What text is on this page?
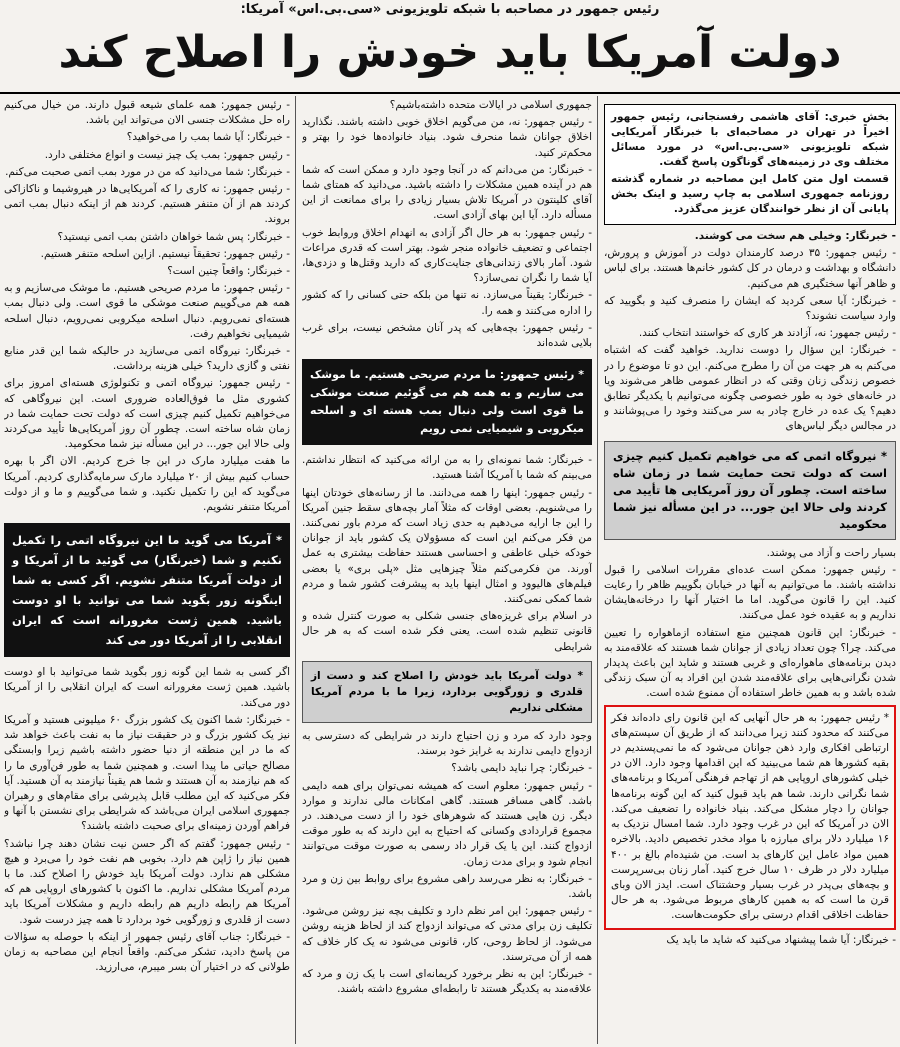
رئیس جمهور در مصاحبه با شبکه تلویزیونی «سی.بی.اس» آمریکا:
دولت آمریکا باید خودش را اصلاح کند

بخش خبری: آقای هاشمی رفسنجانی، رئیس جمهور اخیراً در تهران در مصاحبه‌ای با خبرنگار آمریکایی شبکه تلویزیونی «سی.بی.اس» در مورد مسائل مختلف وی در زمینه‌های گوناگون پاسخ گفت.

قسمت اول متن کامل این مصاحبه در شماره گذشته روزنامه جمهوری اسلامی به چاپ رسید و اینک بخش پایانی آن از نظر خوانندگان عزیز می‌گذرد.

- خبرنگار: وخیلی هم سخت می کوشند.

- رئیس جمهور: ۳۵ درصد کارمندان دولت در آموزش و پرورش، دانشگاه و بهداشت و درمان در کل کشور خانم‌ها هستند. برای لباس و ظاهر آنها سختگیری هم می‌کنیم.

- خبرنگار: آیا سعی کردید که ایشان را منصرف کنید و بگویید که وارد سیاست نشوند؟

- رئیس جمهور: نه، آزادند هر کاری که خواستند انتخاب کنند.

- خبرنگار: این سؤال را دوست ندارید. خواهید گفت که اشتباه می‌کنم به هر جهت من آن را مطرح می‌کنم. این دو تا موضوع را در خصوص زندگی زنان وقتی که در انظار عمومی ظاهر می‌شوند ویا در خانه‌های خود به طور خصوصی چگونه می‌توانیم با یکدیگر تطابق دهیم؟ یک عده در خارج چادر به سر می‌کنند وخود را می‌پوشانند و در مجالس دیگر لباس‌های

* نیروگاه اتمی که می خواهیم تکمیل کنیم چیزی است که دولت تحت حمایت شما در زمان شاه ساخته است. چطور آن روز آمریکایی ها تأیید می کردند ولی حالا این جور... در این مسأله نیز شما محکومید

بسیار راحت و آزاد می پوشند.

- رئیس جمهور: ممکن است عده‌ای مقررات اسلامی را قبول نداشته باشند. ما می‌توانیم به آنها در خیابان بگوییم ظاهر را رعایت کنید. این را قانون می‌گوید. اما ما اختیار آنها را درخانه‌هایشان نداریم و به عقیده خود عمل می‌کنند.

- خبرنگار: این قانون همچنین منع استفاده ازماهواره را تعیین می‌کند. چرا؟ چون تعداد زیادی از جوانان شما هستند که علاقه‌مند به دیدن برنامه‌های ماهواره‌ای و غربی هستند و شاید این باعث پدیدار شدن نگرانی‌هایی برای علاقه‌مند شدن این افراد به آن سبک زندگی شده باشد و به همین خاطر استفاده آن ممنوع شده است.

* رئیس جمهور: به هر حال آنهایی که این قانون رای داده‌اند فکر می‌کنند که محدود کنند زیرا می‌دانند که از طریق آن سیستم‌های ارتباطی افکاری وارد ذهن جوانان می‌شود که ما نمی‌پسندیم در بقیه کشورها هم شما می‌بینید که این اقدامها وجود دارد. الان در خیلی کشورهای اروپایی هم از تهاجم فرهنگی آمریکا و برنامه‌های شما نگرانی دارند. شما هم باید قبول کنید که این گونه برنامه‌ها جوانان را دچار مشکل می‌کند. بنیاد خانواده را تضعیف می‌کند. الان در آمریکا که این در غرب وجود دارد. شما امسال نزدیک به ۱۶ میلیارد دلار برای مبارزه با مواد مخدر تخصیص دادید. بالاخره همین مواد عامل این کارهای بد است. من شنیده‌ام بالغ بر ۴۰۰ میلیارد دلار در ظرف ۱۰ سال خرج کنید. آمار زنان بی‌سرپرست و بچه‌های بی‌پدر در غرب بسیار وحشتناک است. ایدز الان وبای قرن ما است که به همین کارهای مربوط می‌شود. به هر حال حفاظت اخلاقی اقدام درستی برای حکومت‌هاست.

- خبرنگار: آیا شما پیشنهاد می‌کنید که شاید ما باید یک

جمهوری اسلامی در ایالات متحده داشته‌باشیم؟

- رئیس جمهور: نه، من می‌گویم اخلاق خوبی داشته باشند. نگذارید اخلاق جوانان شما منحرف شود. بنیاد خانواده‌ها خود را بهتر و محکم‌تر کنید.

- خبرنگار: من می‌دانم که در آنجا وجود دارد و ممکن است که شما هم در آینده همین مشکلات را داشته باشید. می‌دانید که همتای شما آقای کلینتون در آمریکا تلاش بسیار زیادی را برای ممانعت از این مسأله دارد. آیا این بهای آزادی است.

- رئیس جمهور: به هر حال اگر آزادی به انهدام اخلاق وروابط خوب اجتماعی و تضعیف خانواده منجر شود. بهتر است که قدری مراعات شود. آمار بالای زندانی‌های جنایت‌کاری که دارید وقتل‌ها و دزدی‌ها، آیا شما را نگران نمی‌سازد؟

- خبرنگار: یقیناً می‌سازد. نه تنها من بلکه حتی کسانی را که کشور را اداره می‌کنند و همه را.

- رئیس جمهور: بچه‌هایی که پدر آنان مشخص نیست، برای غرب بلایی شده‌اند

* رئیس جمهور: ما مردم صریحی هستیم. ما موشک می سازیم و به همه هم می گوئیم صنعت موشکی ما قوی است ولی دنبال بمب هسته ای و اسلحه میکروبی و شیمیایی نمی رویم

- خبرنگار: شما نمونه‌ای را به من ارائه می‌کنید که انتظار نداشتم. می‌بینم که شما با آمریکا آشنا هستید.

- رئیس جمهور: اینها را همه می‌دانند. ما از رسانه‌های خودتان اینها را می‌شنویم. بعضی اوقات که مثلاً آمار بچه‌های سقط جنین آمریکا را این جا ارایه می‌دهیم به حدی زیاد است که مردم باور نمی‌کنند. من فکر می‌کنم این است که مسؤولان یک کشور باید از جوانان خودکه خیلی عاطفی و احساسی هستند حفاظت بیشتری به عمل آورند. من فکرمی‌کنم مثلاً چیزهایی مثل «پلی بری» یا بعضی فیلم‌های هالیوود و امثال اینها باید به پیشرفت کشور شما و مردم شما کمکی نمی‌کنند.

در اسلام برای غریزه‌های جنسی شکلی به صورت کنترل شده و قانونی تنظیم شده است. یعنی فکر شده است که به هر حال شرایطی

* دولت آمریکا باید خودش را اصلاح کند و دست از قلدری و زورگویی بردارد، زیرا ما با مردم آمریکا مشکلی نداریم

وجود دارد که مرد و زن احتیاج دارند در شرایطی که دسترسی به ازدواج دایمی ندارند به غرایز خود برسند.

- خبرنگار: چرا نباید دایمی باشد؟

- رئیس جمهور: معلوم است که همیشه نمی‌توان برای همه دایمی باشد. گاهی مسافر هستند. گاهی امکانات مالی ندارند و موارد دیگر. زن هایی هستند که شوهرهای خود را از دست می‌دهند. در مجموع قراردادی وکسانی که احتیاج به این دارند که به طور موقت ازدواج کنند. این یا یک قرار داد رسمی به صورت موقت می‌توانند انجام شود و برای مدت زمان.

- خبرنگار: به نظر می‌رسد راهی مشروع برای روابط بین زن و مرد باشد.

- رئیس جمهور: این امر نظم دارد و تکلیف بچه نیز روشن می‌شود. تکلیف زن برای مدتی که می‌تواند ازدواج کند از لحاظ هزینه روشن می‌شود. از لحاظ روحی، کار، قانونی می‌شود نه یک کار خلاف که همه از آن می‌ترسند.

- خبرنگار: این به نظر برخورد کریمانه‌ای است با یک زن و مرد که علاقه‌مند به یکدیگر هستند تا رابطه‌ای مشروع داشته باشند.

- رئیس جمهور: همه علمای شیعه قبول دارند. من خیال می‌کنیم راه حل مشکلات جنسی الان می‌تواند این باشد.

- خبرنگار: آیا شما بمب را می‌خواهید؟

- رئیس جمهور: بمب یک چیز نیست و انواع مختلفی دارد.

- خبرنگار: شما می‌دانید که من در مورد بمب اتمی صحبت می‌کنم.

- رئیس جمهور: نه کاری را که آمریکایی‌ها در هیروشیما و ناکازاکی کردند هم از آن متنفر هستیم. کردند هم از اینکه دنبال بمب اتمی بروند.

- خبرنگار: پس شما خواهان داشتن بمب اتمی نیستید؟

- رئیس جمهور: تحقیقاً نیستیم. ازاین اسلحه متنفر هستیم.

- خبرنگار: واقعاً چنین است؟

- رئیس جمهور: ما مردم صریحی هستیم. ما موشک می‌سازیم و به همه هم می‌گوییم صنعت موشکی ما قوی است. ولی دنبال بمب هسته‌ای نمی‌رویم. دنبال اسلحه میکروبی نمی‌رویم، دنبال اسلحه شیمیایی نخواهیم رفت.

- خبرنگار: نیروگاه اتمی می‌سازید در حالیکه شما این قدر منابع نفتی و گازی دارید؟ خیلی هزینه برداشت.

- رئیس جمهور: نیروگاه اتمی و تکنولوژی هسته‌ای امروز برای کشوری مثل ما فوق‌العاده ضروری است. این نیروگاهی که می‌خواهیم تکمیل کنیم چیزی است که دولت تحت حمایت شما در زمان شاه ساخته است. چطور آن روز آمریکایی‌ها تأیید می‌کردند ولی حالا این جور... در این مسأله نیز شما محکومید.

ما هفت میلیارد مارک در این جا خرج کردیم. الان اگر با بهره حساب کنیم بیش از ۲۰ میلیارد مارک سرمایه‌گذاری کردیم. آمریکا می‌گوید که این را تکمیل نکنید. و شما می‌گوییم و ما و از دولت آمریکا متنفر نشویم.

* آمریکا می گوید ما این نیروگاه اتمی را تکمیل نکنیم و شما (خبرنگار) می گوئید ما از آمریکا و از دولت آمریکا متنفر نشویم. اگر کسی به شما اینگونه زور بگوید شما می توانید با او دوست باشید. همین ژست مغرورانه است که ایران انقلابی را از آمریکا دور می کند

اگر کسی به شما این گونه زور بگوید شما می‌توانید با او دوست باشید. همین ژست مغرورانه است که ایران انقلابی را از آمریکا دور می‌کند.

- خبرنگار: شما اکنون یک کشور بزرگ ۶۰ میلیونی هستید و آمریکا نیز یک کشور بزرگ و در حقیقت نیاز ما به نفت باعث خواهد شد که ما در این منطقه از دنیا حضور داشته باشیم زیرا وابستگی مصالح حیاتی ما پیدا است. و همچنین شما به طور فن‌آوری ما را که هم نیازمند به آن هستند و شما هم یقیناً نیازمند به آن هستید. آیا فکر می‌کنید که این مطلب قابل پذیرشی برای مقام‌های و رهبران جمهوری اسلامی ایران می‌باشد که شرایطی برای نشستن با آنها و فراهم آوردن زمینه‌ای برای صحبت داشته باشند؟

- رئیس جمهور: گفتم که اگر حسن نیت نشان دهند چرا نباشد؟ همین نیاز را ژاپن هم دارد. بخوبی هم نفت خود را می‌برد و هیچ مشکلی هم ندارد. دولت آمریکا باید خودش را اصلاح کند. ما با مردم آمریکا مشکلی نداریم. ما اکنون با کشورهای اروپایی هم که آمریکا هم رابطه داریم هم رابطه داریم و مشکلات آمریکا باید دست از قلدری و زورگویی خود بردارد تا همه چیز درست شود.

- خبرنگار: جناب آقای رئیس جمهور از اینکه با حوصله به سؤالات من پاسخ دادید، تشکر می‌کنم. واقعاً انجام این مصاحبه به زمان طولانی که در اختیار آن بسر میبرم، می‌ارزید.
